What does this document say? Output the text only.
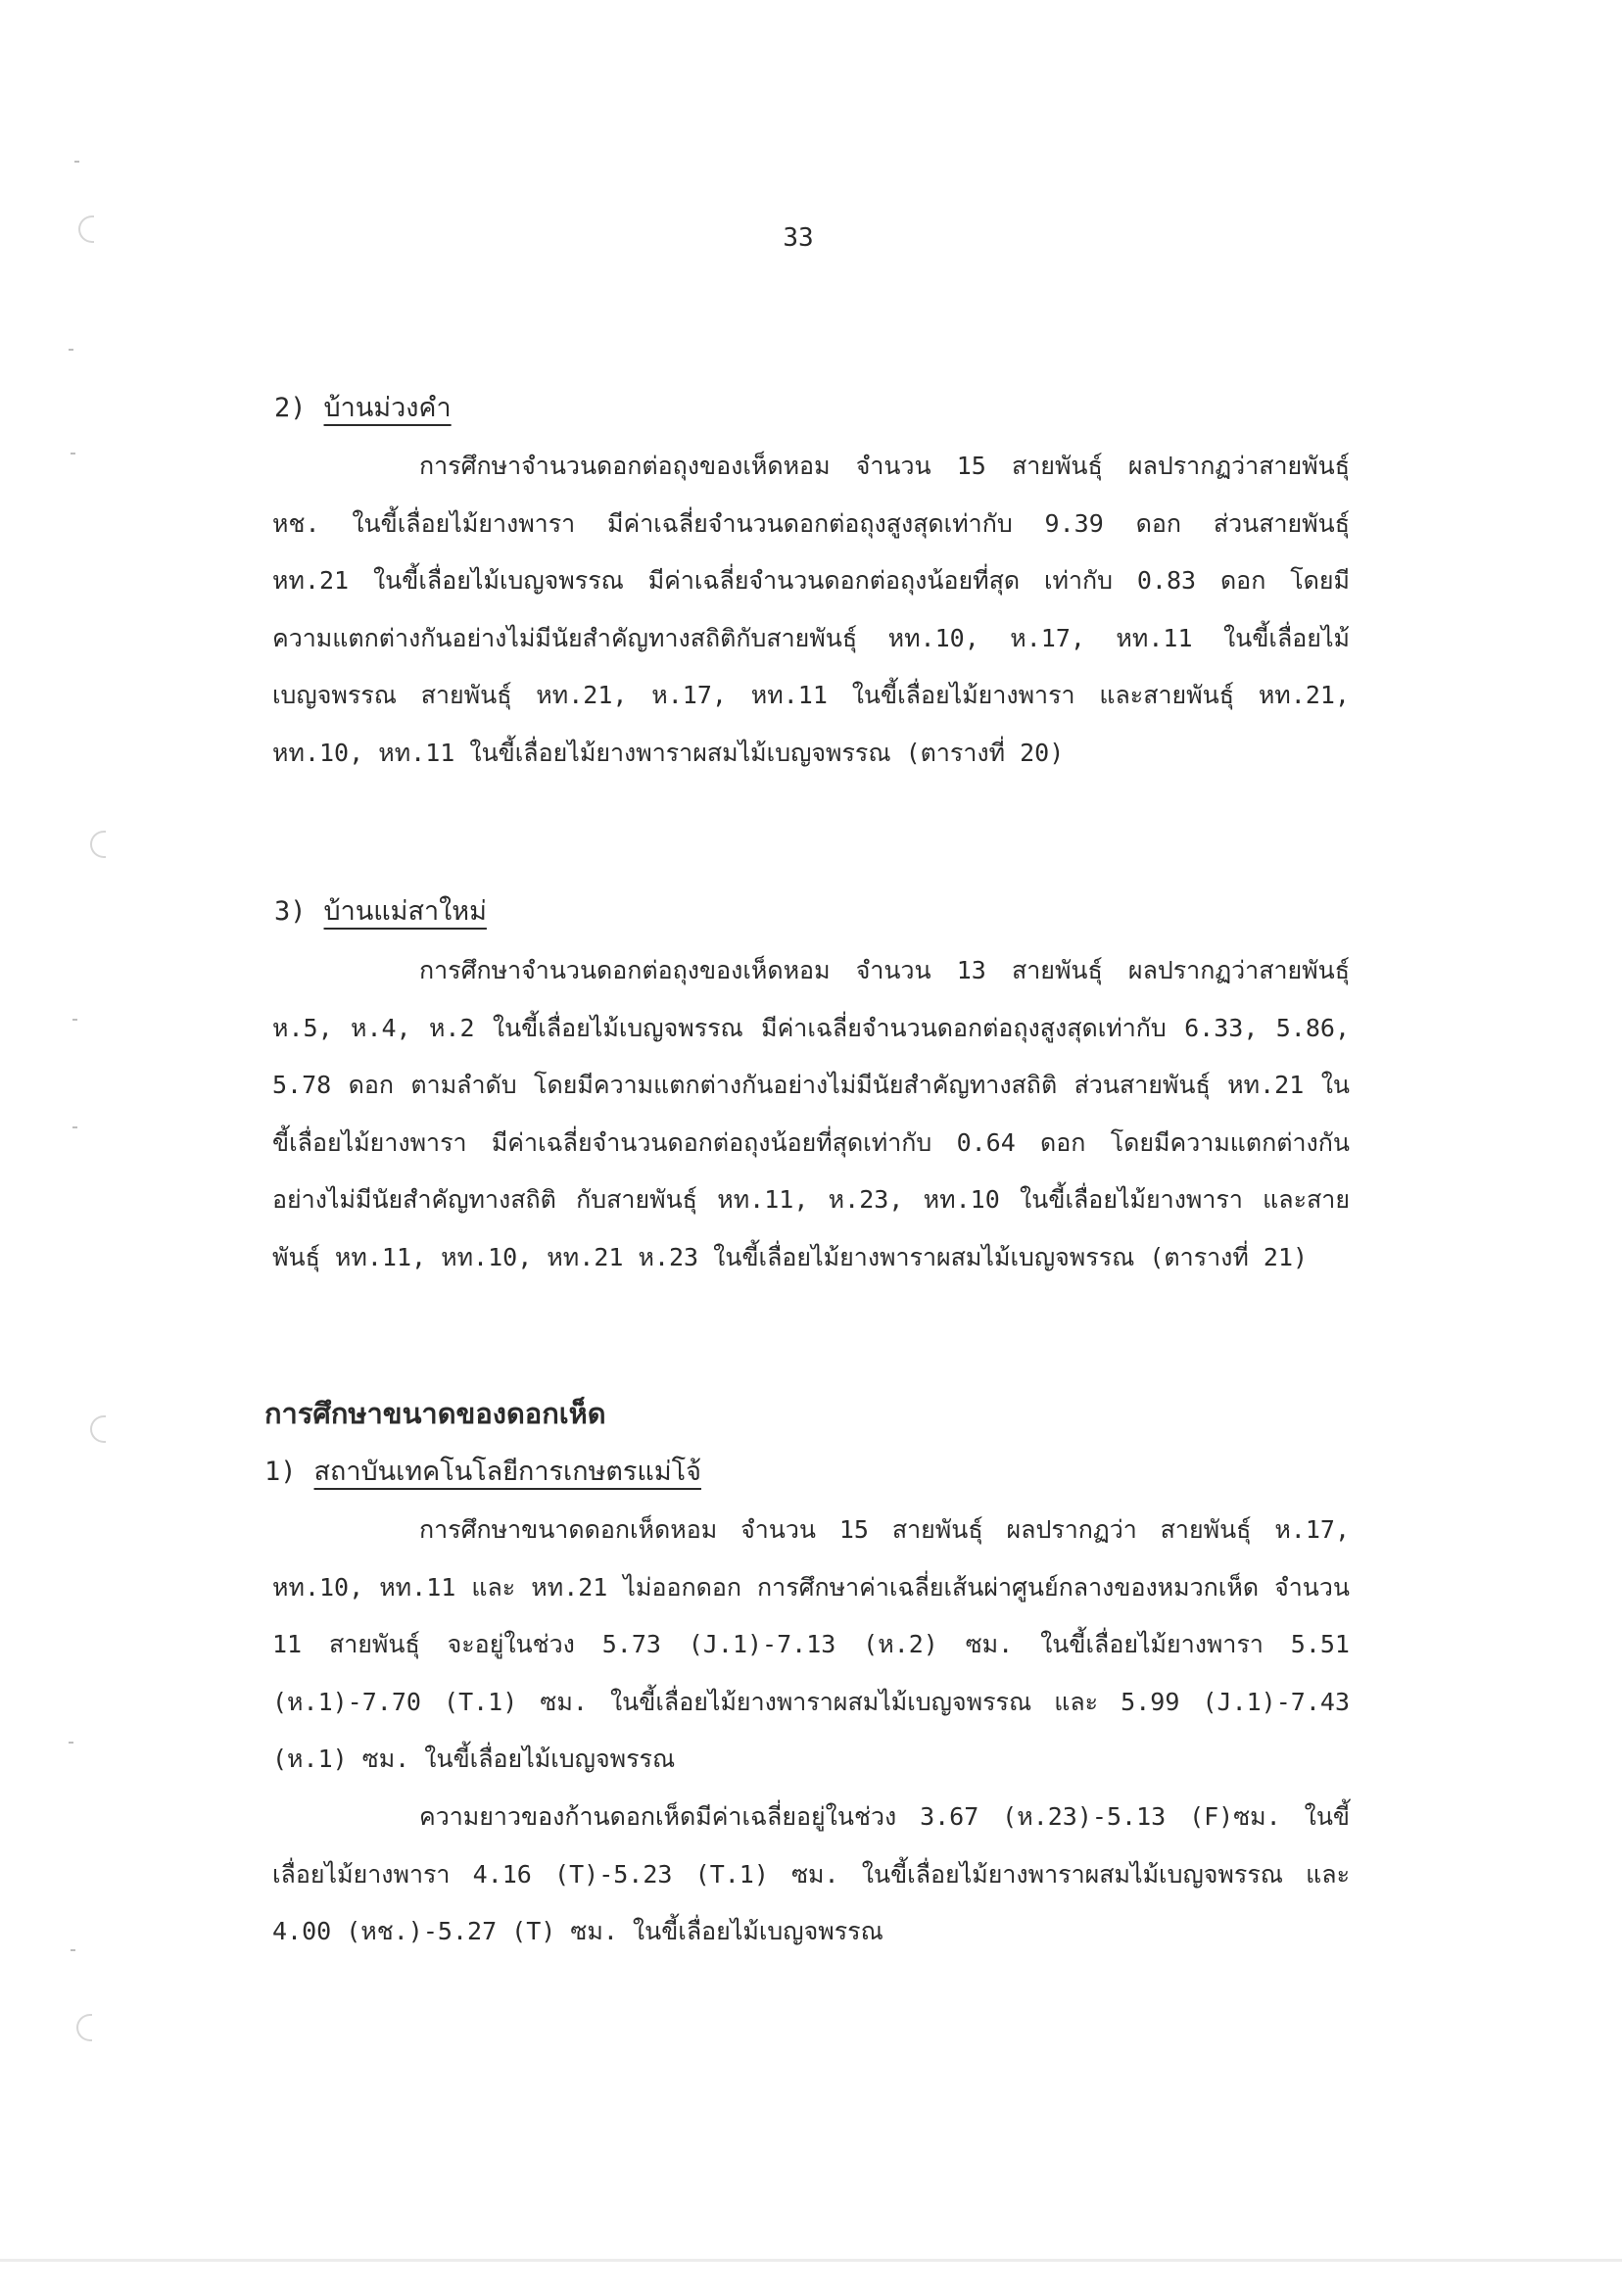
33
2) บ้านม่วงคำ

การศึกษาจำนวนดอกต่อถุงของเห็ดหอม จำนวน 15 สายพันธุ์ ผลปรากฏว่าสายพันธุ์ หช. ในขี้เลื่อยไม้ยางพารา มีค่าเฉลี่ยจำนวนดอกต่อถุงสูงสุดเท่ากับ 9.39 ดอก ส่วนสายพันธุ์ หท.21 ในขี้เลื่อยไม้เบญจพรรณ มีค่าเฉลี่ยจำนวนดอกต่อถุงน้อยที่สุด เท่ากับ 0.83 ดอก โดยมีความแตกต่างกันอย่างไม่มีนัยสำคัญทางสถิติกับสายพันธุ์ หท.10, ห.17, หท.11 ในขี้เลื่อยไม้เบญจพรรณ สายพันธุ์ หท.21, ห.17, หท.11 ในขี้เลื่อยไม้ยางพารา และสายพันธุ์ หท.21, หท.10, หท.11 ในขี้เลื่อยไม้ยางพาราผสมไม้เบญจพรรณ (ตารางที่ 20)

3) บ้านแม่สาใหม่

การศึกษาจำนวนดอกต่อถุงของเห็ดหอม จำนวน 13 สายพันธุ์ ผลปรากฏว่าสายพันธุ์ ห.5, ห.4, ห.2 ในขี้เลื่อยไม้เบญจพรรณ มีค่าเฉลี่ยจำนวนดอกต่อถุงสูงสุดเท่ากับ 6.33, 5.86, 5.78 ดอก ตามลำดับ โดยมีความแตกต่างกันอย่างไม่มีนัยสำคัญทางสถิติ ส่วนสายพันธุ์ หท.21 ในขี้เลื่อยไม้ยางพารา มีค่าเฉลี่ยจำนวนดอกต่อถุงน้อยที่สุดเท่ากับ 0.64 ดอก โดยมีความแตกต่างกันอย่างไม่มีนัยสำคัญทางสถิติ กับสายพันธุ์ หท.11, ห.23, หท.10 ในขี้เลื่อยไม้ยางพารา และสายพันธุ์ หท.11, หท.10, หท.21 ห.23 ในขี้เลื่อยไม้ยางพาราผสมไม้เบญจพรรณ (ตารางที่ 21)

การศึกษาขนาดของดอกเห็ด
1) สถาบันเทคโนโลยีการเกษตรแม่โจ้

การศึกษาขนาดดอกเห็ดหอม จำนวน 15 สายพันธุ์ ผลปรากฏว่า สายพันธุ์ ห.17, หท.10, หท.11 และ หท.21 ไม่ออกดอก การศึกษาค่าเฉลี่ยเส้นผ่าศูนย์กลางของหมวกเห็ด จำนวน 11 สายพันธุ์ จะอยู่ในช่วง 5.73 (J.1)-7.13 (ห.2) ซม. ในขี้เลื่อยไม้ยางพารา 5.51 (ห.1)-7.70 (T.1) ซม. ในขี้เลื่อยไม้ยางพาราผสมไม้เบญจพรรณ และ 5.99 (J.1)-7.43 (ห.1) ซม. ในขี้เลื่อยไม้เบญจพรรณ

ความยาวของก้านดอกเห็ดมีค่าเฉลี่ยอยู่ในช่วง 3.67 (ห.23)-5.13 (F)ซม. ในขี้เลื่อยไม้ยางพารา 4.16 (T)-5.23 (T.1) ซม. ในขี้เลื่อยไม้ยางพาราผสมไม้เบญจพรรณ และ 4.00 (หช.)-5.27 (T) ซม. ในขี้เลื่อยไม้เบญจพรรณ
